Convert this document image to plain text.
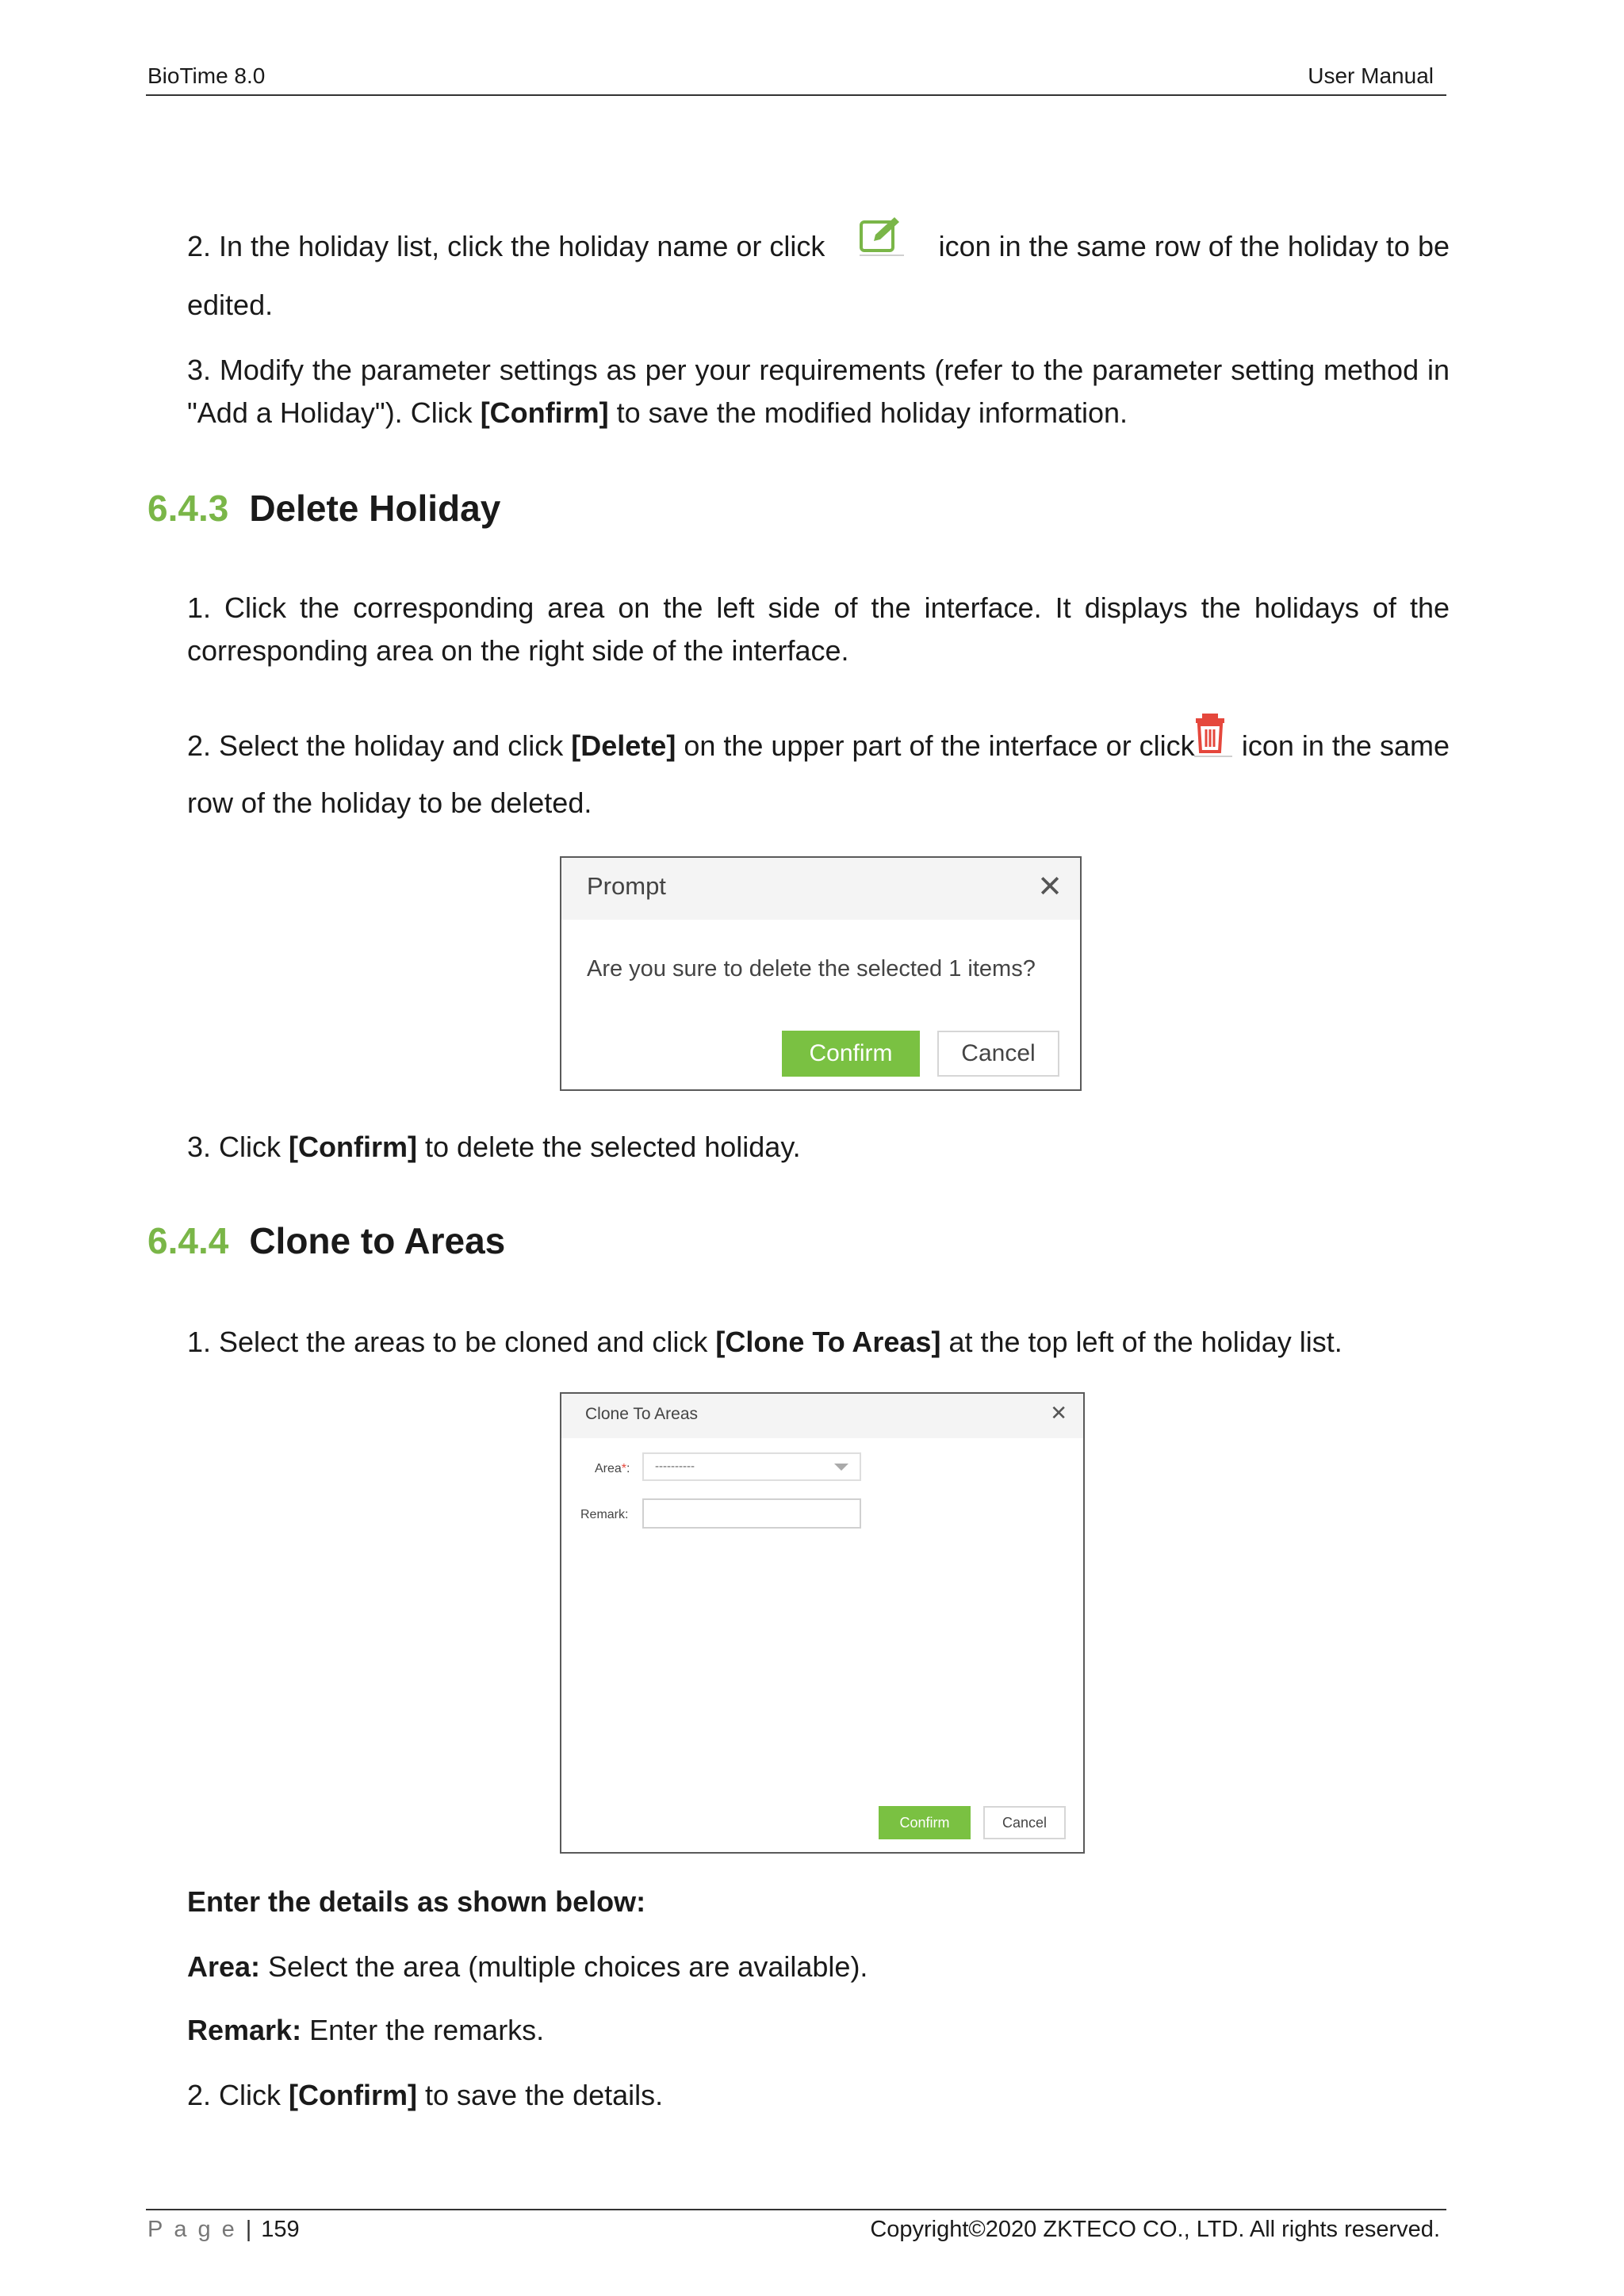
BioTime 8.0	User Manual
2. In the holiday list, click the holiday name or click	icon in the same row of the holiday to be
edited.
3. Modify the parameter settings as per your requirements (refer to the parameter setting method in
"Add a Holiday"). Click [Confirm] to save the modified holiday information.
6.4.3 Delete Holiday
1. Click the corresponding area on the left side of the interface. It displays the holidays of the
corresponding area on the right side of the interface.
2. Select the holiday and click [Delete] on the upper part of the interface or click icon in the same
row of the holiday to be deleted.
Prompt	✕
Are you sure to delete the selected 1 items?
Confirm	Cancel
3. Click [Confirm] to delete the selected holiday.
6.4.4 Clone to Areas
1. Select the areas to be cloned and click [Clone To Areas] at the top left of the holiday list.
Clone To Areas	✕
Area*: ----------
Remark:
Confirm	Cancel
Enter the details as shown below:
Area: Select the area (multiple choices are available).
Remark: Enter the remarks.
2. Click [Confirm] to save the details.
Page| 159	Copyright©2020 ZKTECO CO., LTD. All rights reserved.
